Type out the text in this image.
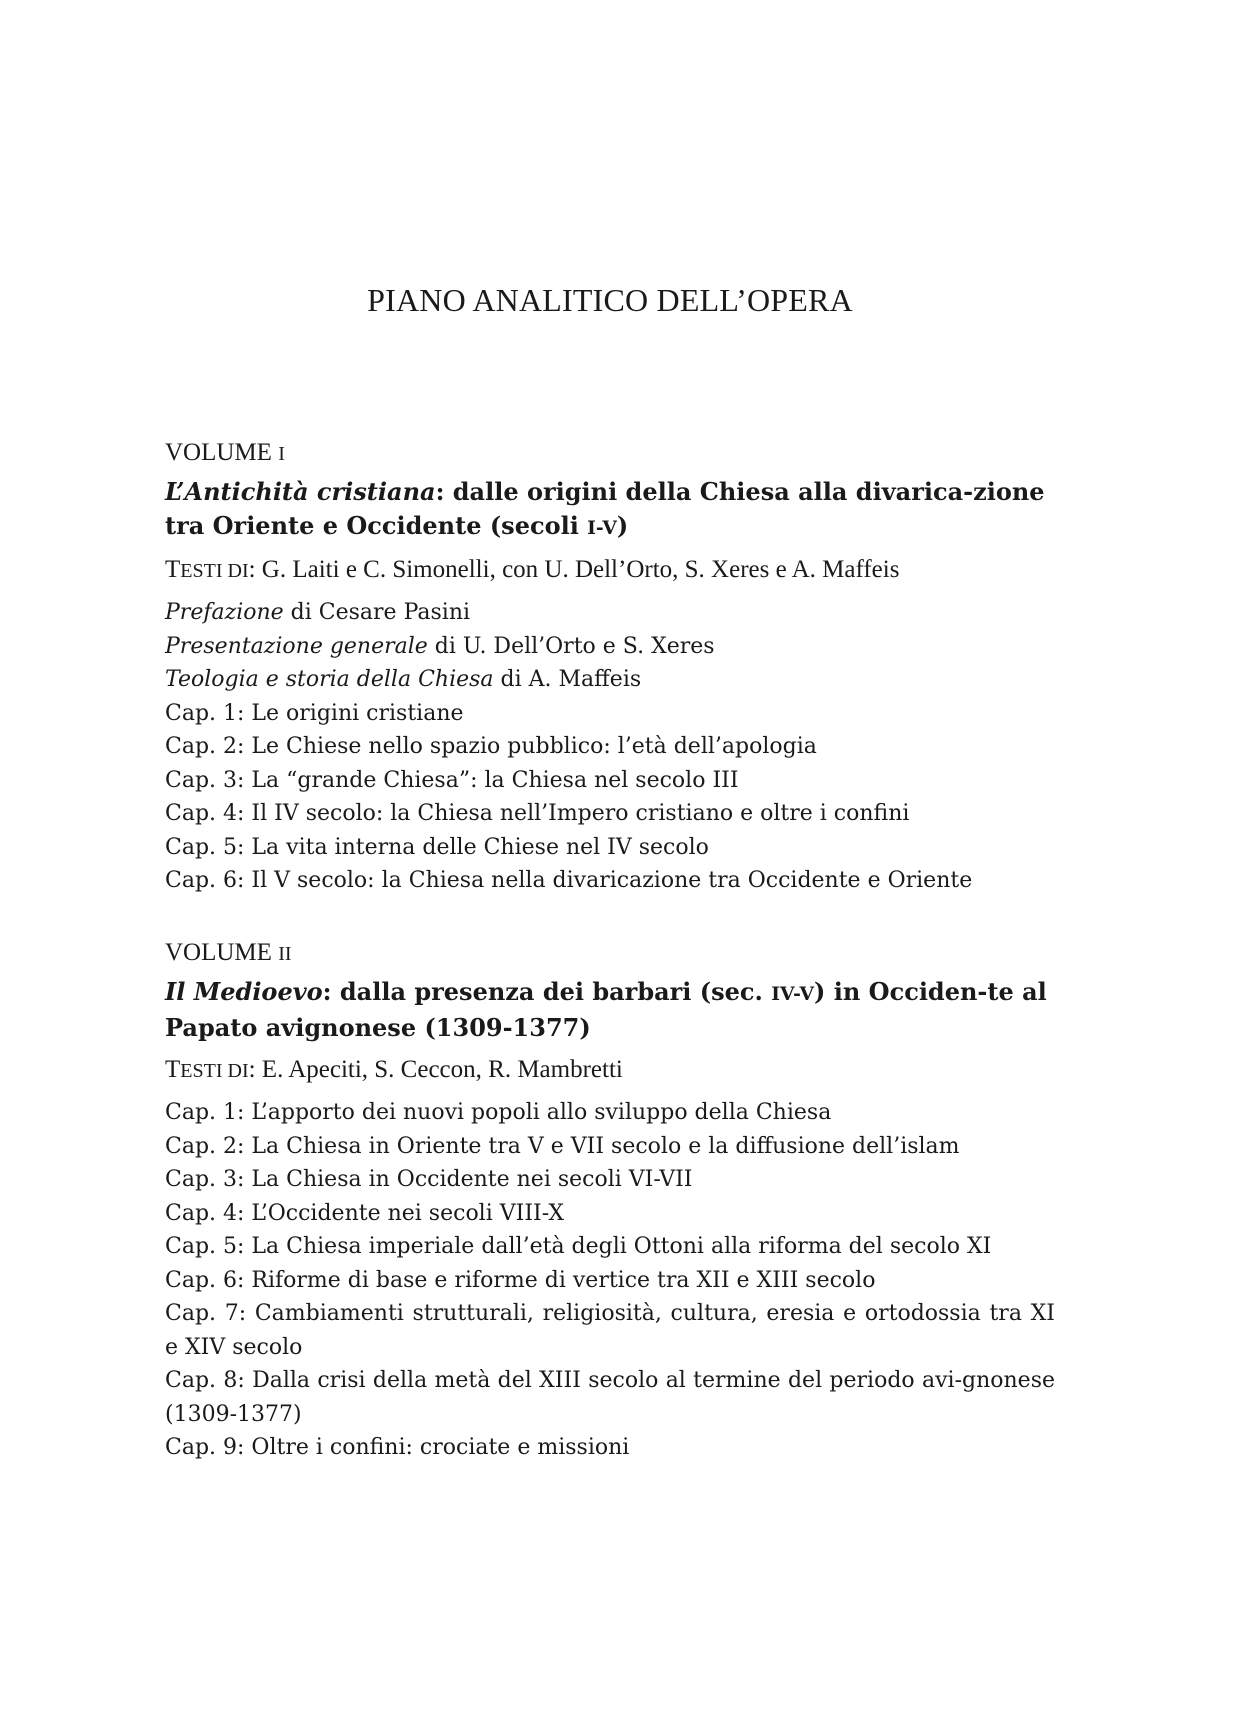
PIANO ANALITICO DELL’OPERA
VOLUME I
L’Antichità cristiana: dalle origini della Chiesa alla divarica-zione tra Oriente e Occidente (secoli I-V)
TESTI DI: G. Laiti e C. Simonelli, con U. Dell’Orto, S. Xeres e A. Maffeis
Prefazione di Cesare Pasini
Presentazione generale di U. Dell’Orto e S. Xeres
Teologia e storia della Chiesa di A. Maffeis
Cap. 1: Le origini cristiane
Cap. 2: Le Chiese nello spazio pubblico: l’età dell’apologia
Cap. 3: La “grande Chiesa”: la Chiesa nel secolo III
Cap. 4: Il IV secolo: la Chiesa nell’Impero cristiano e oltre i confini
Cap. 5: La vita interna delle Chiese nel IV secolo
Cap. 6: Il V secolo: la Chiesa nella divaricazione tra Occidente e Oriente
VOLUME II
Il Medioevo: dalla presenza dei barbari (sec. IV-V) in Occiden-te al Papato avignonese (1309-1377)
TESTI DI: E. Apeciti, S. Ceccon, R. Mambretti
Cap. 1: L’apporto dei nuovi popoli allo sviluppo della Chiesa
Cap. 2: La Chiesa in Oriente tra V e VII secolo e la diffusione dell’islam
Cap. 3: La Chiesa in Occidente nei secoli VI-VII
Cap. 4: L’Occidente nei secoli VIII-X
Cap. 5: La Chiesa imperiale dall’età degli Ottoni alla riforma del secolo XI
Cap. 6: Riforme di base e riforme di vertice tra XII e XIII secolo
Cap. 7: Cambiamenti strutturali, religiosità, cultura, eresia e ortodossia tra XI e XIV secolo
Cap. 8: Dalla crisi della metà del XIII secolo al termine del periodo avi-gnonese (1309-1377)
Cap. 9: Oltre i confini: crociate e missioni
